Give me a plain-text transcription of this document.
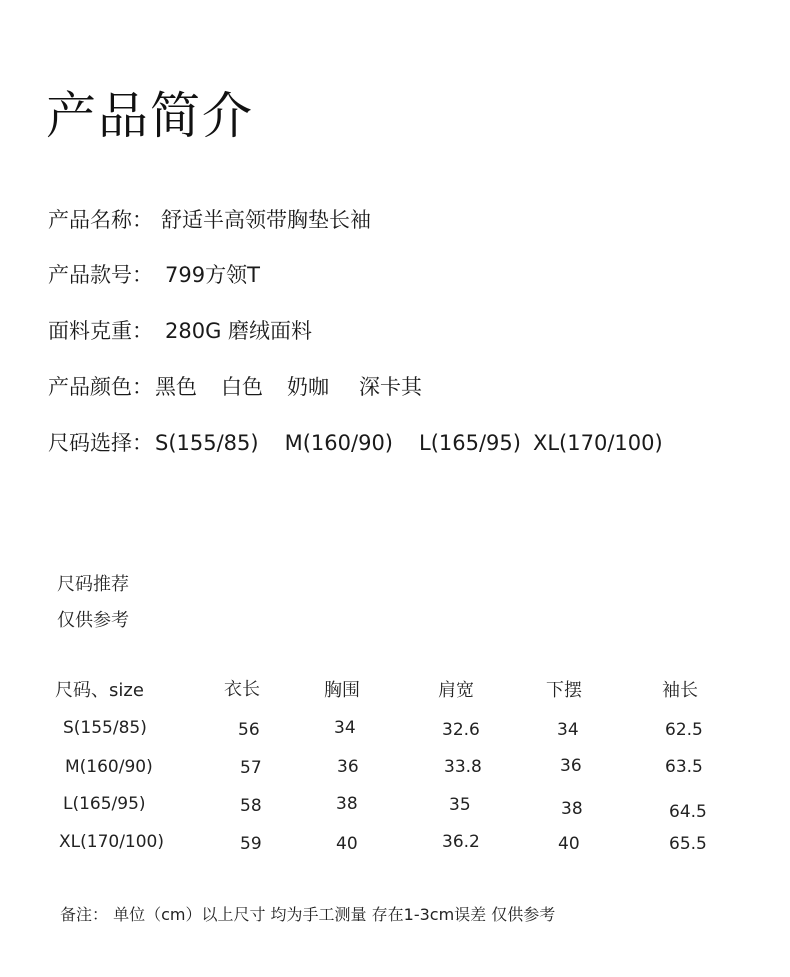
产品简介
产品名称： 舒适半高领带胸垫长袖
产品款号： 799方领T
面料克重： 280G 磨绒面料
产品颜色：黑色 白色 奶咖 深卡其
尺码选择：S(155/85) M(160/90) L(165/95) XL(170/100)
尺码推荐
仅供参考
尺码、size	衣长	胸围	肩宽	下摆	袖长
S(155/85)	56	34	32.6	34	62.5
M(160/90)	57	36	33.8	36	63.5
L(165/95)	58	38	35	38	64.5
XL(170/100)	59	40	36.2	40	65.5
备注： 单位（cm）以上尺寸 均为手工测量 存在1-3cm误差 仅供参考
